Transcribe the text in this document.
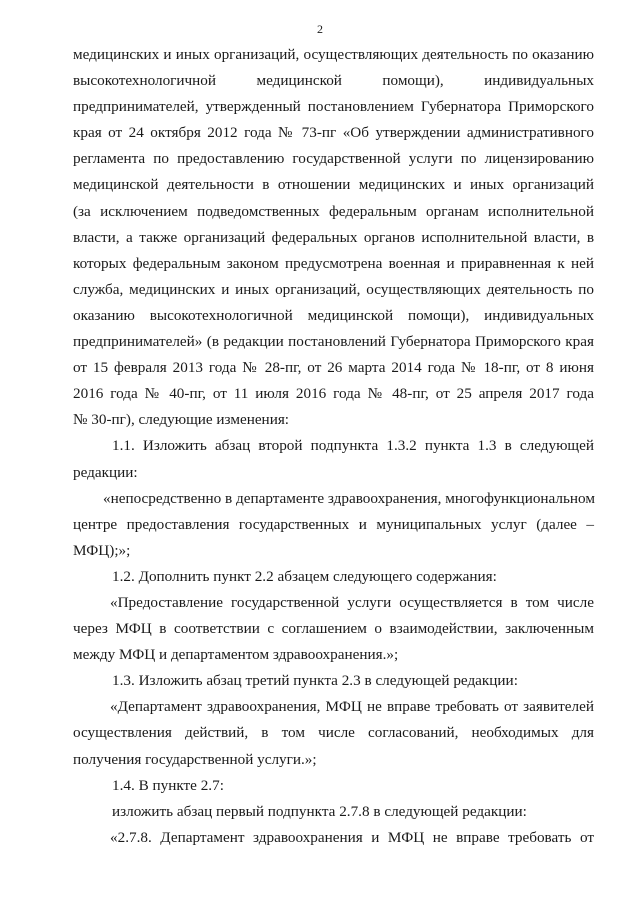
2
медицинских и иных организаций, осуществляющих деятельность по оказанию
высокотехнологичной медицинской помощи), индивидуальных
предпринимателей, утвержденный постановлением Губернатора Приморского
края от 24 октября 2012 года № 73-пг «Об утверждении административного
регламента по предоставлению государственной услуги по лицензированию
медицинской деятельности в отношении медицинских и иных организаций
(за исключением подведомственных федеральным органам исполнительной
власти, а также организаций федеральных органов исполнительной власти, в
которых федеральным законом предусмотрена военная и приравненная к ней
служба, медицинских и иных организаций, осуществляющих деятельность по
оказанию высокотехнологичной медицинской помощи), индивидуальных
предпринимателей» (в редакции постановлений Губернатора Приморского края
от 15 февраля 2013 года № 28-пг, от 26 марта 2014 года № 18-пг, от 8 июня
2016 года № 40-пг, от 11 июля 2016 года № 48-пг, от 25 апреля 2017 года
№ 30-пг), следующие изменения:
1.1. Изложить абзац второй подпункта 1.3.2 пункта 1.3 в следующей
редакции:
«непосредственно в департаменте здравоохранения, многофункциональном
центре предоставления государственных и муниципальных услуг (далее –
МФЦ);»;
1.2. Дополнить пункт 2.2 абзацем следующего содержания:
«Предоставление государственной услуги осуществляется в том числе
через МФЦ в соответствии с соглашением о взаимодействии, заключенным
между МФЦ и департаментом здравоохранения.»;
1.3. Изложить абзац третий пункта 2.3 в следующей редакции:
«Департамент здравоохранения, МФЦ не вправе требовать от заявителей
осуществления действий, в том числе согласований, необходимых для
получения государственной услуги.»;
1.4. В пункте 2.7:
изложить абзац первый подпункта 2.7.8 в следующей редакции:
«2.7.8. Департамент здравоохранения и МФЦ не вправе требовать от
